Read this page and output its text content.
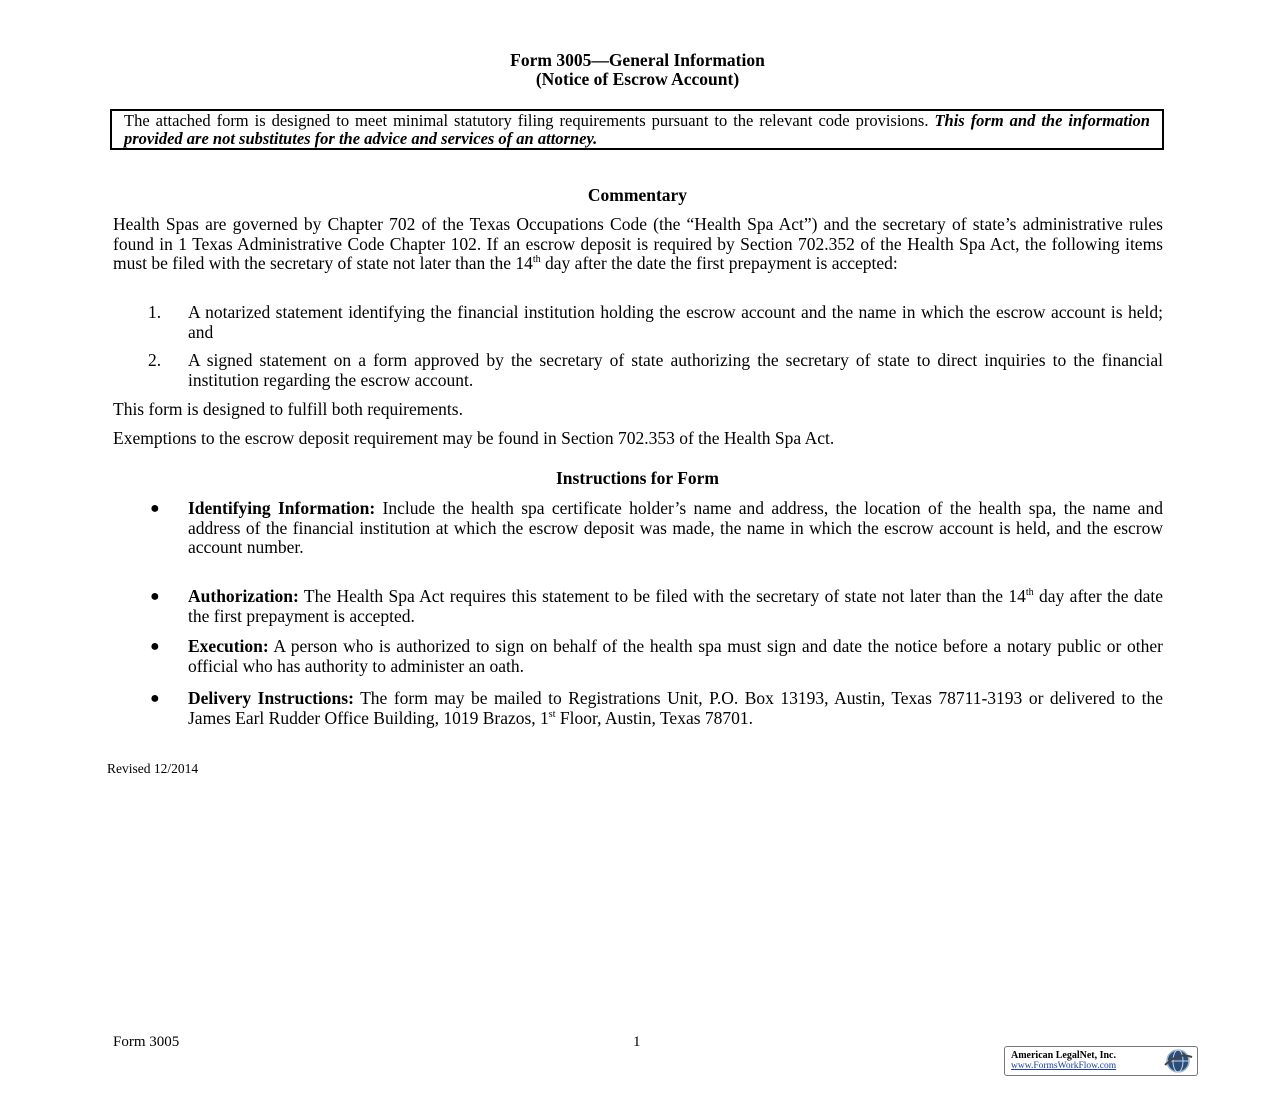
Form 3005—General Information
(Notice of Escrow Account)
The attached form is designed to meet minimal statutory filing requirements pursuant to the relevant code provisions. This form and the information provided are not substitutes for the advice and services of an attorney.
Commentary
Health Spas are governed by Chapter 702 of the Texas Occupations Code (the “Health Spa Act”) and the secretary of state’s administrative rules found in 1 Texas Administrative Code Chapter 102. If an escrow deposit is required by Section 702.352 of the Health Spa Act, the following items must be filed with the secretary of state not later than the 14th day after the date the first prepayment is accepted:
1.	A notarized statement identifying the financial institution holding the escrow account and the name in which the escrow account is held; and
2.	A signed statement on a form approved by the secretary of state authorizing the secretary of state to direct inquiries to the financial institution regarding the escrow account.
This form is designed to fulfill both requirements.
Exemptions to the escrow deposit requirement may be found in Section 702.353 of the Health Spa Act.
Instructions for Form
● Identifying Information: Include the health spa certificate holder’s name and address, the location of the health spa, the name and address of the financial institution at which the escrow deposit was made, the name in which the escrow account is held, and the escrow account number.
● Authorization: The Health Spa Act requires this statement to be filed with the secretary of state not later than the 14th day after the date the first prepayment is accepted.
● Execution: A person who is authorized to sign on behalf of the health spa must sign and date the notice before a notary public or other official who has authority to administer an oath.
● Delivery Instructions: The form may be mailed to Registrations Unit, P.O. Box 13193, Austin, Texas 78711-3193 or delivered to the James Earl Rudder Office Building, 1019 Brazos, 1st Floor, Austin, Texas 78701.
Revised 12/2014
Form 3005	1
American LegalNet, Inc.
www.FormsWorkFlow.com
